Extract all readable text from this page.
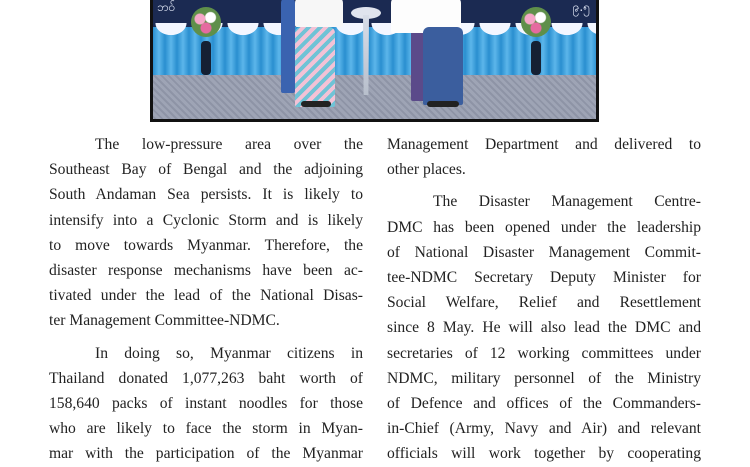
ဘဝ်	၉.၅

The low-pressure area over the
Southeast Bay of Bengal and the adjoining
South Andaman Sea persists. It is likely to
intensify into a Cyclonic Storm and is likely
to move towards Myanmar. Therefore, the
disaster response mechanisms have been ac-
tivated under the lead of the National Disas-
ter Management Committee-NDMC.

In doing so, Myanmar citizens in
Thailand donated 1,077,263 baht worth of
158,640 packs of instant noodles for those
who are likely to face the storm in Myan-
mar with the participation of the Myanmar

Management Department and delivered to
other places.

The Disaster Management Centre-
DMC has been opened under the leadership
of National Disaster Management Commit-
tee-NDMC Secretary Deputy Minister for
Social Welfare, Relief and Resettlement
since 8 May. He will also lead the DMC and
secretaries of 12 working committees under
NDMC, military personnel of the Ministry
of Defence and offices of the Commanders-
in-Chief (Army, Navy and Air) and relevant
officials will work together by cooperating
